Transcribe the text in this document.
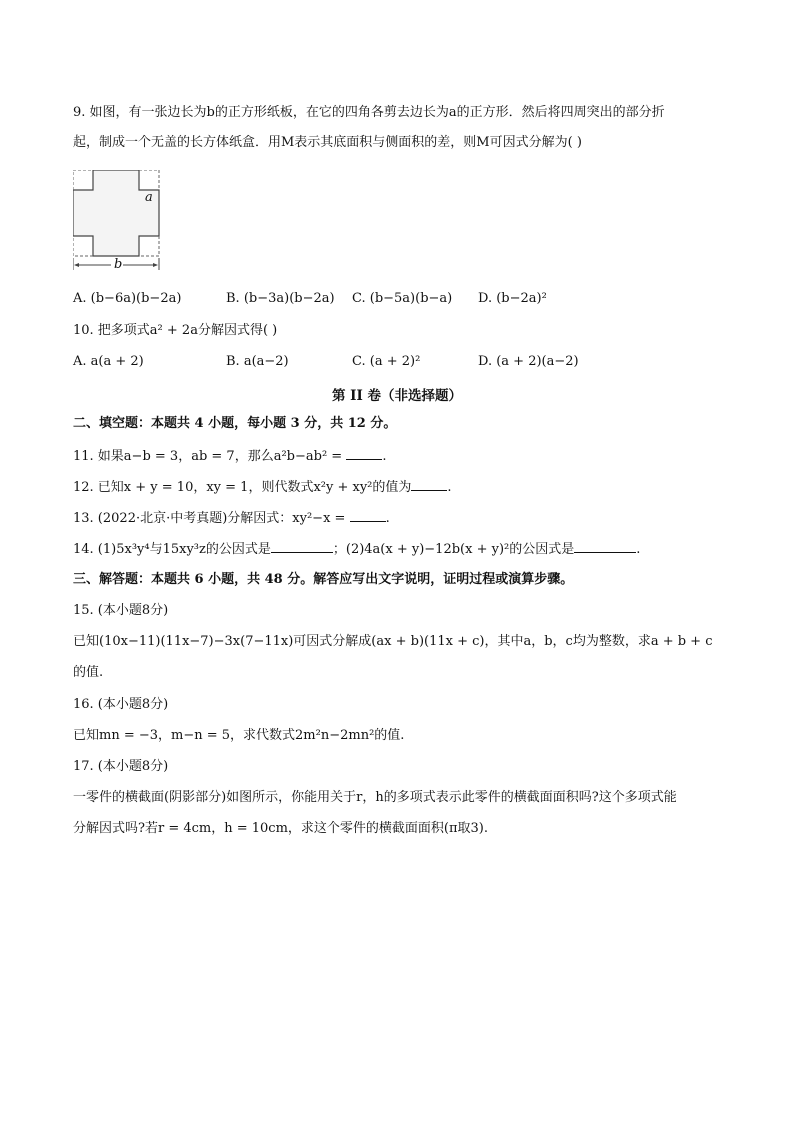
9. 如图，有一张边长为b的正方形纸板，在它的四角各剪去边长为a的正方形．然后将四周突出的部分折
起，制成一个无盖的长方体纸盒．用M表示其底面积与侧面积的差，则M可因式分解为( )
a
b
A. (b−6a)(b−2a)	B. (b−3a)(b−2a) C. (b−5a)(b−a) D. (b−2a)²
10. 把多项式a² + 2a分解因式得( )
A. a(a + 2)	B. a(a−2)	C. (a + 2)²	D. (a + 2)(a−2)
第 II 卷（非选择题）
二、填空题：本题共 4 小题，每小题 3 分，共 12 分。
11. 如果a−b = 3，ab = 7，那么a²b−ab² =	.
12. 已知x + y = 10，xy = 1，则代数式x²y + xy²的值为	.
13. (2022·北京·中考真题)分解因式：xy²−x =	.
14. (1)5x³y⁴与15xy³z的公因式是	；(2)4a(x + y)−12b(x + y)²的公因式是	.
三、解答题：本题共 6 小题，共 48 分。解答应写出文字说明，证明过程或演算步骤。
15. (本小题8分)
已知(10x−11)(11x−7)−3x(7−11x)可因式分解成(ax + b)(11x + c)，其中a，b，c均为整数，求a + b + c
的值.
16. (本小题8分)
已知mn = −3，m−n = 5，求代数式2m²n−2mn²的值.
17. (本小题8分)
一零件的横截面(阴影部分)如图所示，你能用关于r，h的多项式表示此零件的横截面面积吗?这个多项式能
分解因式吗?若r = 4cm，h = 10cm，求这个零件的横截面面积(π取3).
